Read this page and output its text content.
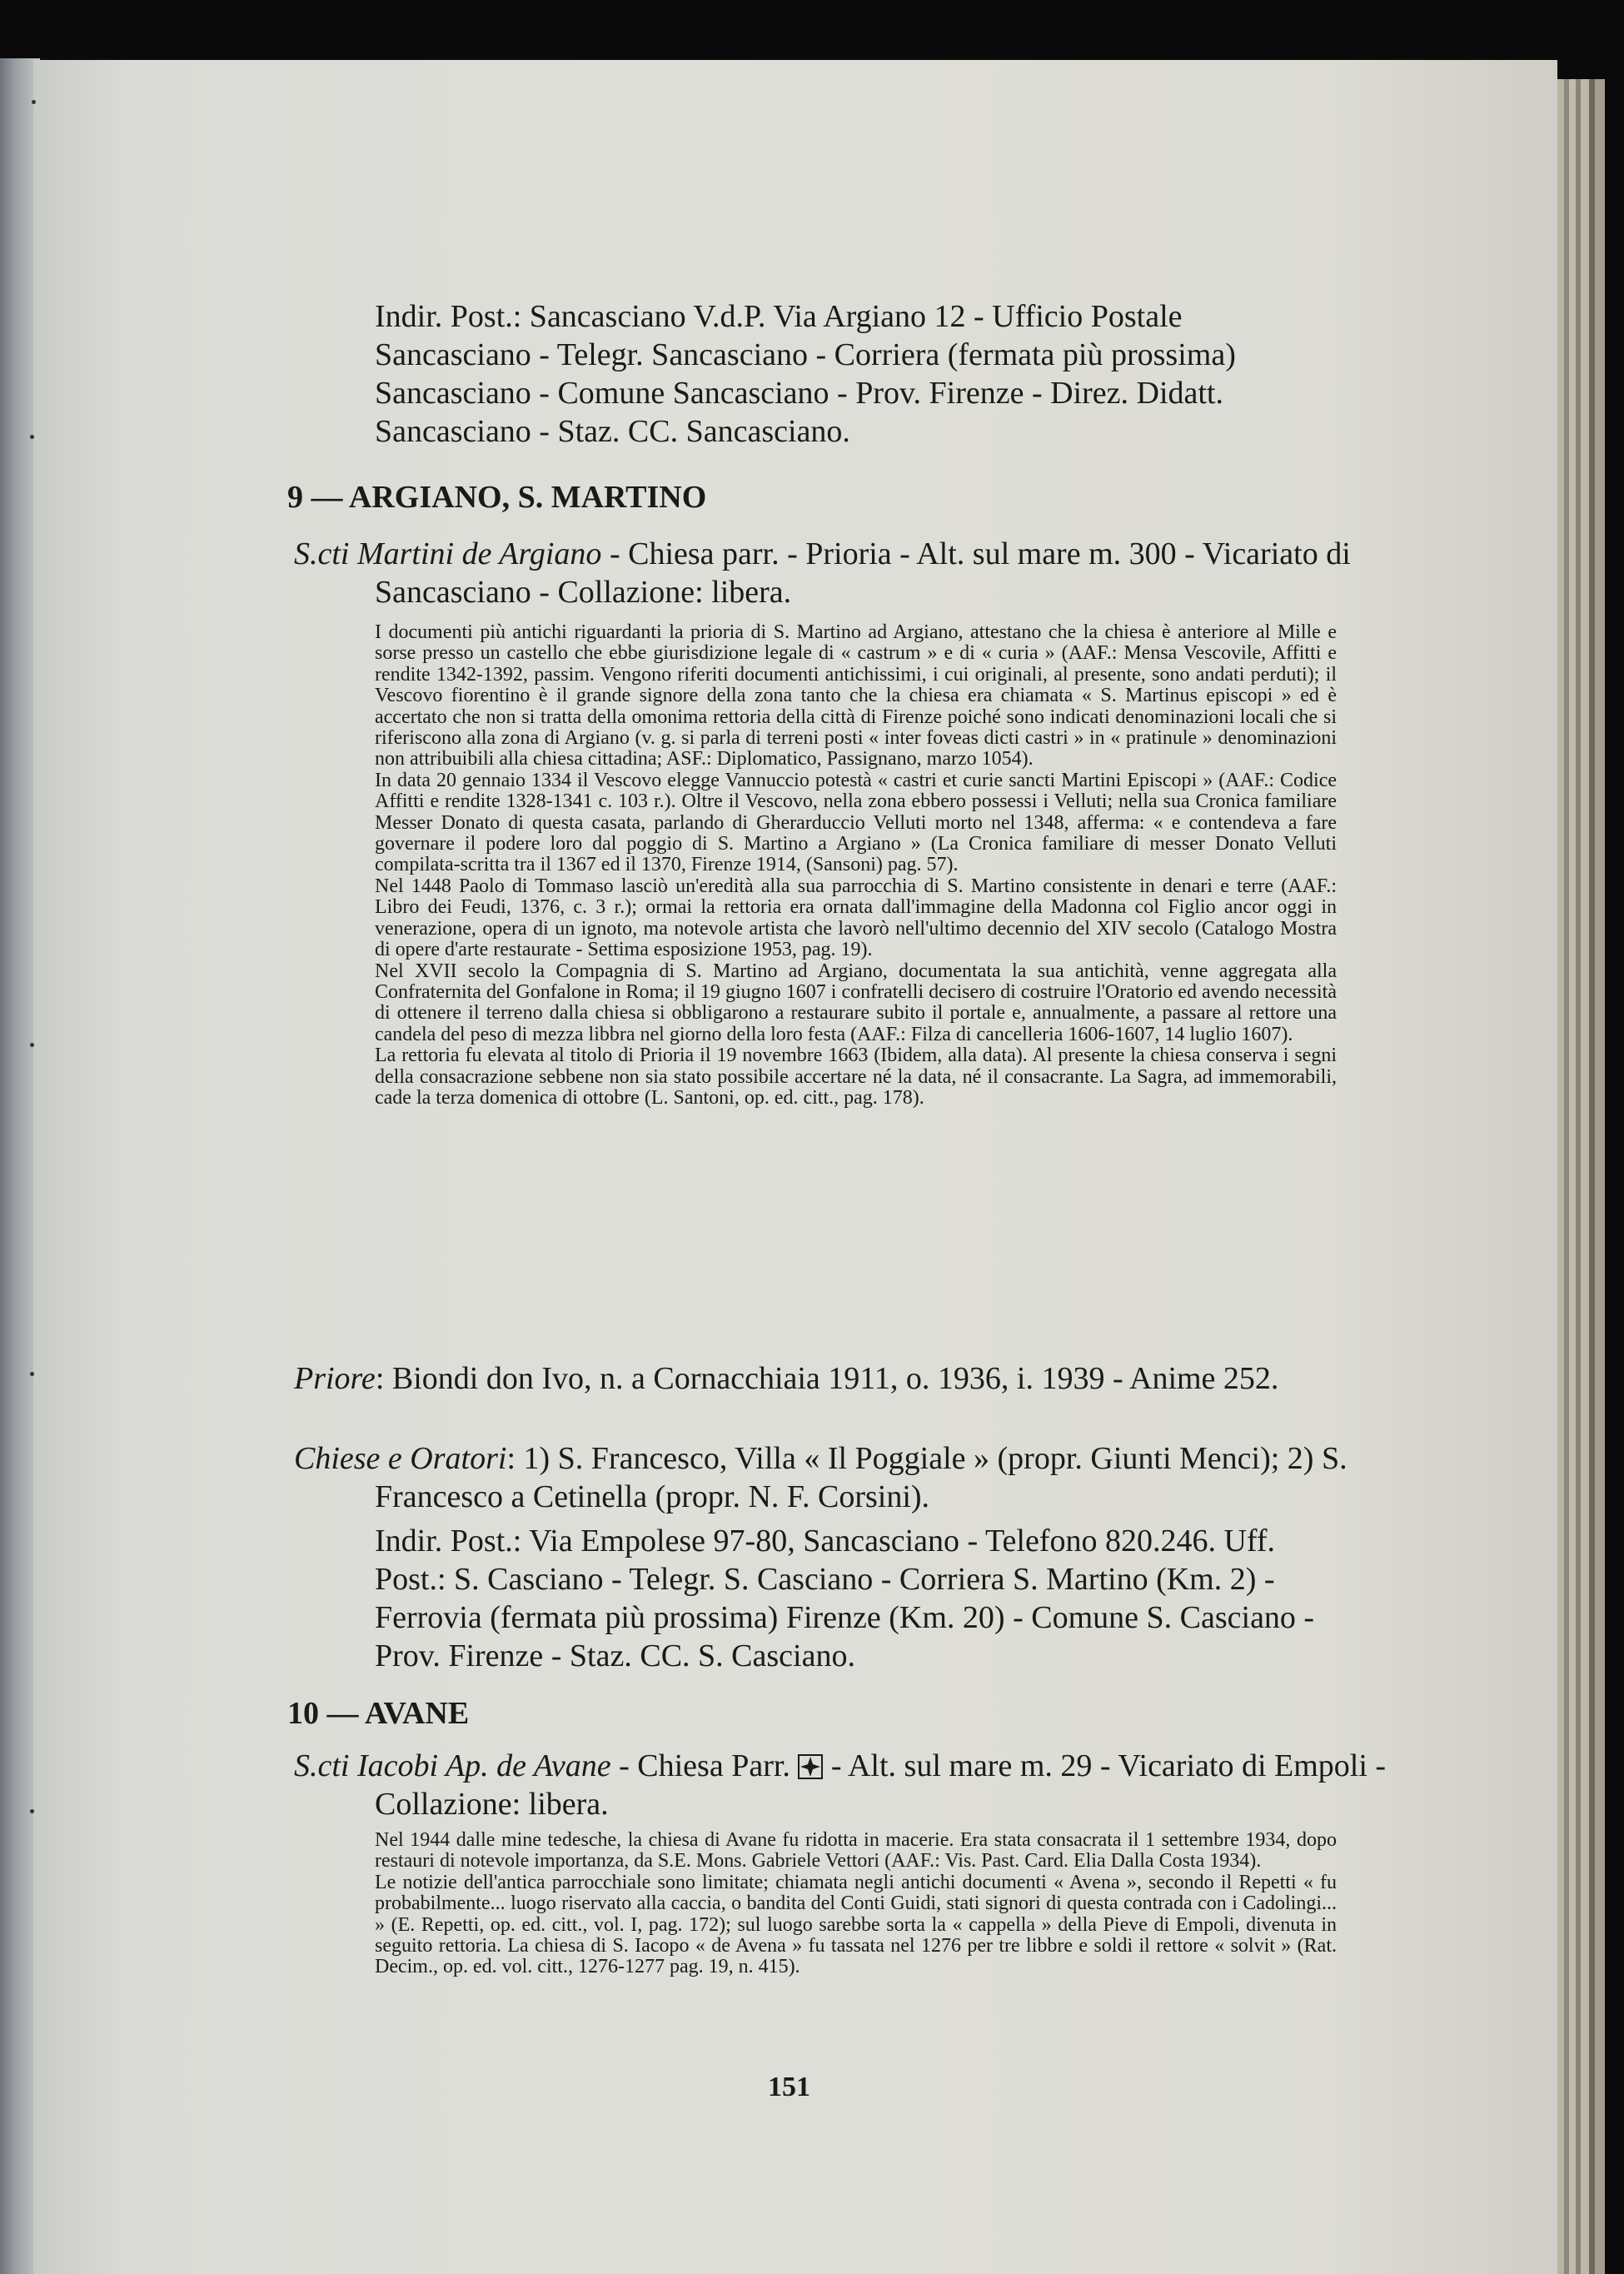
Indir. Post.: Sancasciano V.d.P. Via Argiano 12 - Ufficio Postale
Sancasciano - Telegr. Sancasciano - Corriera (fermata più prossima)
Sancasciano - Comune Sancasciano - Prov. Firenze - Direz. Didatt.
Sancasciano - Staz. CC. Sancasciano.
9 — ARGIANO, S. MARTINO
S.cti Martini de Argiano - Chiesa parr. - Prioria - Alt. sul mare m. 300 - Vicariato di Sancasciano - Collazione: libera.

I documenti più antichi riguardanti la prioria di S. Martino ad Argiano, attestano che la chiesa è anteriore al Mille e sorse presso un castello che ebbe giurisdizione legale di « castrum » e di « curia » (AAF.: Mensa Vescovile, Affitti e rendite 1342-1392, passim. Vengono riferiti documenti antichissimi, i cui originali, al presente, sono andati perduti); il Vescovo fiorentino è il grande signore della zona tanto che la chiesa era chiamata « S. Martinus episcopi » ed è accertato che non si tratta della omonima rettoria della città di Firenze poiché sono indicati denominazioni locali che si riferiscono alla zona di Argiano (v. g. si parla di terreni posti « inter foveas dicti castri » in « pratinule » denominazioni non attribuibili alla chiesa cittadina; ASF.: Diplomatico, Passignano, marzo 1054).

In data 20 gennaio 1334 il Vescovo elegge Vannuccio potestà « castri et curie sancti Martini Episcopi » (AAF.: Codice Affitti e rendite 1328-1341 c. 103 r.). Oltre il Vescovo, nella zona ebbero possessi i Velluti; nella sua Cronica familiare Messer Donato di questa casata, parlando di Gherarduccio Velluti morto nel 1348, afferma: « e contendeva a fare governare il podere loro dal poggio di S. Martino a Argiano » (La Cronica familiare di messer Donato Velluti compilata-scritta tra il 1367 ed il 1370, Firenze 1914, (Sansoni) pag. 57).

Nel 1448 Paolo di Tommaso lasciò un'eredità alla sua parrocchia di S. Martino consistente in denari e terre (AAF.: Libro dei Feudi, 1376, c. 3 r.); ormai la rettoria era ornata dall'immagine della Madonna col Figlio ancor oggi in venerazione, opera di un ignoto, ma notevole artista che lavorò nell'ultimo decennio del XIV secolo (Catalogo Mostra di opere d'arte restaurate - Settima esposizione 1953, pag. 19).

Nel XVII secolo la Compagnia di S. Martino ad Argiano, documentata la sua antichità, venne aggregata alla Confraternita del Gonfalone in Roma; il 19 giugno 1607 i confratelli decisero di costruire l'Oratorio ed avendo necessità di ottenere il terreno dalla chiesa si obbligarono a restaurare subito il portale e, annualmente, a passare al rettore una candela del peso di mezza libbra nel giorno della loro festa (AAF.: Filza di cancelleria 1606-1607, 14 luglio 1607).

La rettoria fu elevata al titolo di Prioria il 19 novembre 1663 (Ibidem, alla data). Al presente la chiesa conserva i segni della consacrazione sebbene non sia stato possibile accertare né la data, né il consacrante. La Sagra, ad immemorabili, cade la terza domenica di ottobre (L. Santoni, op. ed. citt., pag. 178).

Priore: Biondi don Ivo, n. a Cornacchiaia 1911, o. 1936, i. 1939 - Anime 252.
Chiese e Oratori: 1) S. Francesco, Villa « Il Poggiale » (propr. Giunti Menci); 2) S. Francesco a Cetinella (propr. N. F. Corsini).
Indir. Post.: Via Empolese 97-80, Sancasciano - Telefono 820.246. Uff. Post.: S. Casciano - Telegr. S. Casciano - Corriera S. Martino (Km. 2) - Ferrovia (fermata più prossima) Firenze (Km. 20) - Comune S. Casciano - Prov. Firenze - Staz. CC. S. Casciano.
10 — AVANE
S.cti Iacobi Ap. de Avane - Chiesa Parr.  - Alt. sul mare m. 29 - Vicariato di Empoli - Collazione: libera.

Nel 1944 dalle mine tedesche, la chiesa di Avane fu ridotta in macerie. Era stata consacrata il 1 settembre 1934, dopo restauri di notevole importanza, da S.E. Mons. Gabriele Vettori (AAF.: Vis. Past. Card. Elia Dalla Costa 1934).

Le notizie dell'antica parrocchiale sono limitate; chiamata negli antichi documenti « Avena », secondo il Repetti « fu probabilmente... luogo riservato alla caccia, o bandita del Conti Guidi, stati signori di questa contrada con i Cadolingi... » (E. Repetti, op. ed. citt., vol. I, pag. 172); sul luogo sarebbe sorta la « cappella » della Pieve di Empoli, divenuta in seguito rettoria. La chiesa di S. Iacopo « de Avena » fu tassata nel 1276 per tre libbre e soldi il rettore « solvit » (Rat. Decim., op. ed. vol. citt., 1276-1277 pag. 19, n. 415).

151
